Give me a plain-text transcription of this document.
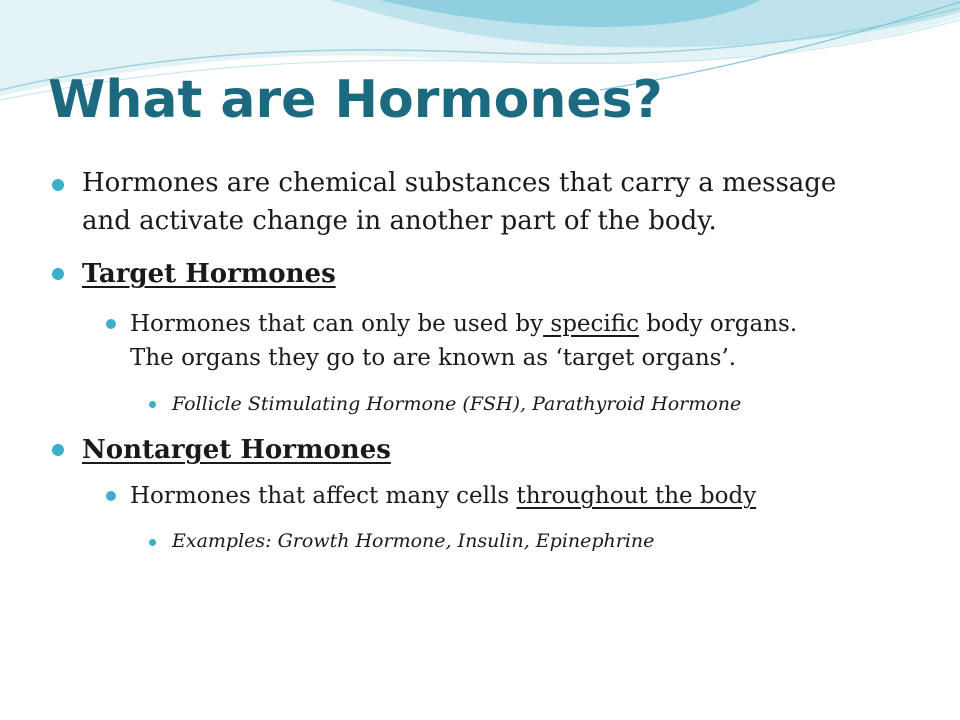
What are Hormones?
Hormones are chemical substances that carry a message
and activate change in another part of the body.
Target Hormones
Hormones that can only be used by specific body organs.
The organs they go to are known as ‘target organs’.
Follicle Stimulating Hormone (FSH), Parathyroid Hormone
Nontarget Hormones
Hormones that affect many cells throughout the body
Examples: Growth Hormone, Insulin, Epinephrine
